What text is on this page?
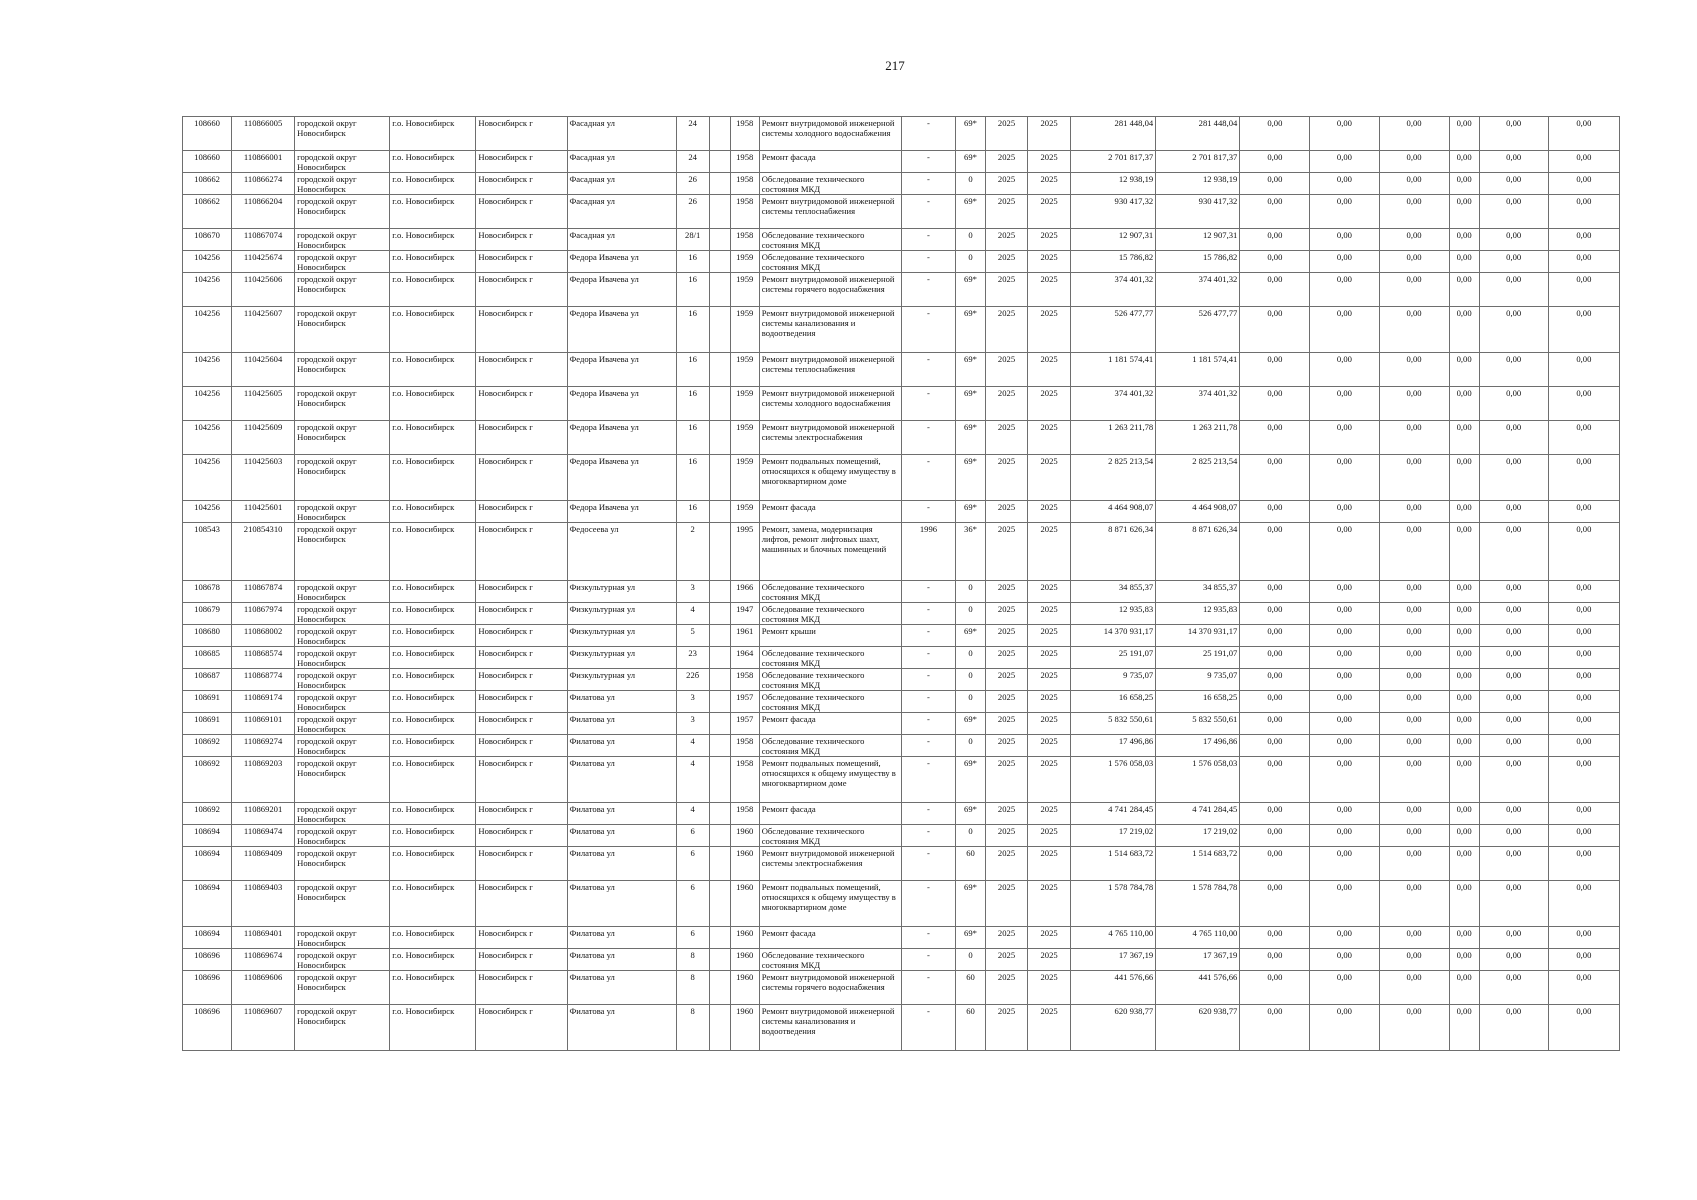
217
108660	110866005	городской округ Новосибирск	г.о. Новосибирск	Новосибирск г	Фасадная ул	24		1958	Ремонт внутридомовой инженерной системы холодного водоснабжения	-	69*	2025	2025	281 448,04	281 448,04	0,00	0,00	0,00	0,00	0,00	0,00
108660	110866001	городской округ Новосибирск	г.о. Новосибирск	Новосибирск г	Фасадная ул	24		1958	Ремонт фасада	-	69*	2025	2025	2 701 817,37	2 701 817,37	0,00	0,00	0,00	0,00	0,00	0,00
108662	110866274	городской округ Новосибирск	г.о. Новосибирск	Новосибирск г	Фасадная ул	26		1958	Обследование технического состояния МКД	-	0	2025	2025	12 938,19	12 938,19	0,00	0,00	0,00	0,00	0,00	0,00
108662	110866204	городской округ Новосибирск	г.о. Новосибирск	Новосибирск г	Фасадная ул	26		1958	Ремонт внутридомовой инженерной системы теплоснабжения	-	69*	2025	2025	930 417,32	930 417,32	0,00	0,00	0,00	0,00	0,00	0,00
108670	110867074	городской округ Новосибирск	г.о. Новосибирск	Новосибирск г	Фасадная ул	28/1		1958	Обследование технического состояния МКД	-	0	2025	2025	12 907,31	12 907,31	0,00	0,00	0,00	0,00	0,00	0,00
104256	110425674	городской округ Новосибирск	г.о. Новосибирск	Новосибирск г	Федора Ивачева ул	16		1959	Обследование технического состояния МКД	-	0	2025	2025	15 786,82	15 786,82	0,00	0,00	0,00	0,00	0,00	0,00
104256	110425606	городской округ Новосибирск	г.о. Новосибирск	Новосибирск г	Федора Ивачева ул	16		1959	Ремонт внутридомовой инженерной системы горячего водоснабжения	-	69*	2025	2025	374 401,32	374 401,32	0,00	0,00	0,00	0,00	0,00	0,00
104256	110425607	городской округ Новосибирск	г.о. Новосибирск	Новосибирск г	Федора Ивачева ул	16		1959	Ремонт внутридомовой инженерной системы канализования и водоотведения	-	69*	2025	2025	526 477,77	526 477,77	0,00	0,00	0,00	0,00	0,00	0,00
104256	110425604	городской округ Новосибирск	г.о. Новосибирск	Новосибирск г	Федора Ивачева ул	16		1959	Ремонт внутридомовой инженерной системы теплоснабжения	-	69*	2025	2025	1 181 574,41	1 181 574,41	0,00	0,00	0,00	0,00	0,00	0,00
104256	110425605	городской округ Новосибирск	г.о. Новосибирск	Новосибирск г	Федора Ивачева ул	16		1959	Ремонт внутридомовой инженерной системы холодного водоснабжения	-	69*	2025	2025	374 401,32	374 401,32	0,00	0,00	0,00	0,00	0,00	0,00
104256	110425609	городской округ Новосибирск	г.о. Новосибирск	Новосибирск г	Федора Ивачева ул	16		1959	Ремонт внутридомовой инженерной системы электроснабжения	-	69*	2025	2025	1 263 211,78	1 263 211,78	0,00	0,00	0,00	0,00	0,00	0,00
104256	110425603	городской округ Новосибирск	г.о. Новосибирск	Новосибирск г	Федора Ивачева ул	16		1959	Ремонт подвальных помещений, относящихся к общему имуществу в многоквартирном доме	-	69*	2025	2025	2 825 213,54	2 825 213,54	0,00	0,00	0,00	0,00	0,00	0,00
104256	110425601	городской округ Новосибирск	г.о. Новосибирск	Новосибирск г	Федора Ивачева ул	16		1959	Ремонт фасада	-	69*	2025	2025	4 464 908,07	4 464 908,07	0,00	0,00	0,00	0,00	0,00	0,00
108543	210854310	городской округ Новосибирск	г.о. Новосибирск	Новосибирск г	Федосеева ул	2		1995	Ремонт, замена, модернизация лифтов, ремонт лифтовых шахт, машинных и блочных помещений	1996	36*	2025	2025	8 871 626,34	8 871 626,34	0,00	0,00	0,00	0,00	0,00	0,00
108678	110867874	городской округ Новосибирск	г.о. Новосибирск	Новосибирск г	Физкультурная ул	3		1966	Обследование технического состояния МКД	-	0	2025	2025	34 855,37	34 855,37	0,00	0,00	0,00	0,00	0,00	0,00
108679	110867974	городской округ Новосибирск	г.о. Новосибирск	Новосибирск г	Физкультурная ул	4		1947	Обследование технического состояния МКД	-	0	2025	2025	12 935,83	12 935,83	0,00	0,00	0,00	0,00	0,00	0,00
108680	110868002	городской округ Новосибирск	г.о. Новосибирск	Новосибирск г	Физкультурная ул	5		1961	Ремонт крыши	-	69*	2025	2025	14 370 931,17	14 370 931,17	0,00	0,00	0,00	0,00	0,00	0,00
108685	110868574	городской округ Новосибирск	г.о. Новосибирск	Новосибирск г	Физкультурная ул	23		1964	Обследование технического состояния МКД	-	0	2025	2025	25 191,07	25 191,07	0,00	0,00	0,00	0,00	0,00	0,00
108687	110868774	городской округ Новосибирск	г.о. Новосибирск	Новосибирск г	Физкультурная ул	22б		1958	Обследование технического состояния МКД	-	0	2025	2025	9 735,07	9 735,07	0,00	0,00	0,00	0,00	0,00	0,00
108691	110869174	городской округ Новосибирск	г.о. Новосибирск	Новосибирск г	Филатова ул	3		1957	Обследование технического состояния МКД	-	0	2025	2025	16 658,25	16 658,25	0,00	0,00	0,00	0,00	0,00	0,00
108691	110869101	городской округ Новосибирск	г.о. Новосибирск	Новосибирск г	Филатова ул	3		1957	Ремонт фасада	-	69*	2025	2025	5 832 550,61	5 832 550,61	0,00	0,00	0,00	0,00	0,00	0,00
108692	110869274	городской округ Новосибирск	г.о. Новосибирск	Новосибирск г	Филатова ул	4		1958	Обследование технического состояния МКД	-	0	2025	2025	17 496,86	17 496,86	0,00	0,00	0,00	0,00	0,00	0,00
108692	110869203	городской округ Новосибирск	г.о. Новосибирск	Новосибирск г	Филатова ул	4		1958	Ремонт подвальных помещений, относящихся к общему имуществу в многоквартирном доме	-	69*	2025	2025	1 576 058,03	1 576 058,03	0,00	0,00	0,00	0,00	0,00	0,00
108692	110869201	городской округ Новосибирск	г.о. Новосибирск	Новосибирск г	Филатова ул	4		1958	Ремонт фасада	-	69*	2025	2025	4 741 284,45	4 741 284,45	0,00	0,00	0,00	0,00	0,00	0,00
108694	110869474	городской округ Новосибирск	г.о. Новосибирск	Новосибирск г	Филатова ул	6		1960	Обследование технического состояния МКД	-	0	2025	2025	17 219,02	17 219,02	0,00	0,00	0,00	0,00	0,00	0,00
108694	110869409	городской округ Новосибирск	г.о. Новосибирск	Новосибирск г	Филатова ул	6		1960	Ремонт внутридомовой инженерной системы электроснабжения	-	60	2025	2025	1 514 683,72	1 514 683,72	0,00	0,00	0,00	0,00	0,00	0,00
108694	110869403	городской округ Новосибирск	г.о. Новосибирск	Новосибирск г	Филатова ул	6		1960	Ремонт подвальных помещений, относящихся к общему имуществу в многоквартирном доме	-	69*	2025	2025	1 578 784,78	1 578 784,78	0,00	0,00	0,00	0,00	0,00	0,00
108694	110869401	городской округ Новосибирск	г.о. Новосибирск	Новосибирск г	Филатова ул	6		1960	Ремонт фасада	-	69*	2025	2025	4 765 110,00	4 765 110,00	0,00	0,00	0,00	0,00	0,00	0,00
108696	110869674	городской округ Новосибирск	г.о. Новосибирск	Новосибирск г	Филатова ул	8		1960	Обследование технического состояния МКД	-	0	2025	2025	17 367,19	17 367,19	0,00	0,00	0,00	0,00	0,00	0,00
108696	110869606	городской округ Новосибирск	г.о. Новосибирск	Новосибирск г	Филатова ул	8		1960	Ремонт внутридомовой инженерной системы горячего водоснабжения	-	60	2025	2025	441 576,66	441 576,66	0,00	0,00	0,00	0,00	0,00	0,00
108696	110869607	городской округ Новосибирск	г.о. Новосибирск	Новосибирск г	Филатова ул	8		1960	Ремонт внутридомовой инженерной системы канализования и водоотведения	-	60	2025	2025	620 938,77	620 938,77	0,00	0,00	0,00	0,00	0,00	0,00
